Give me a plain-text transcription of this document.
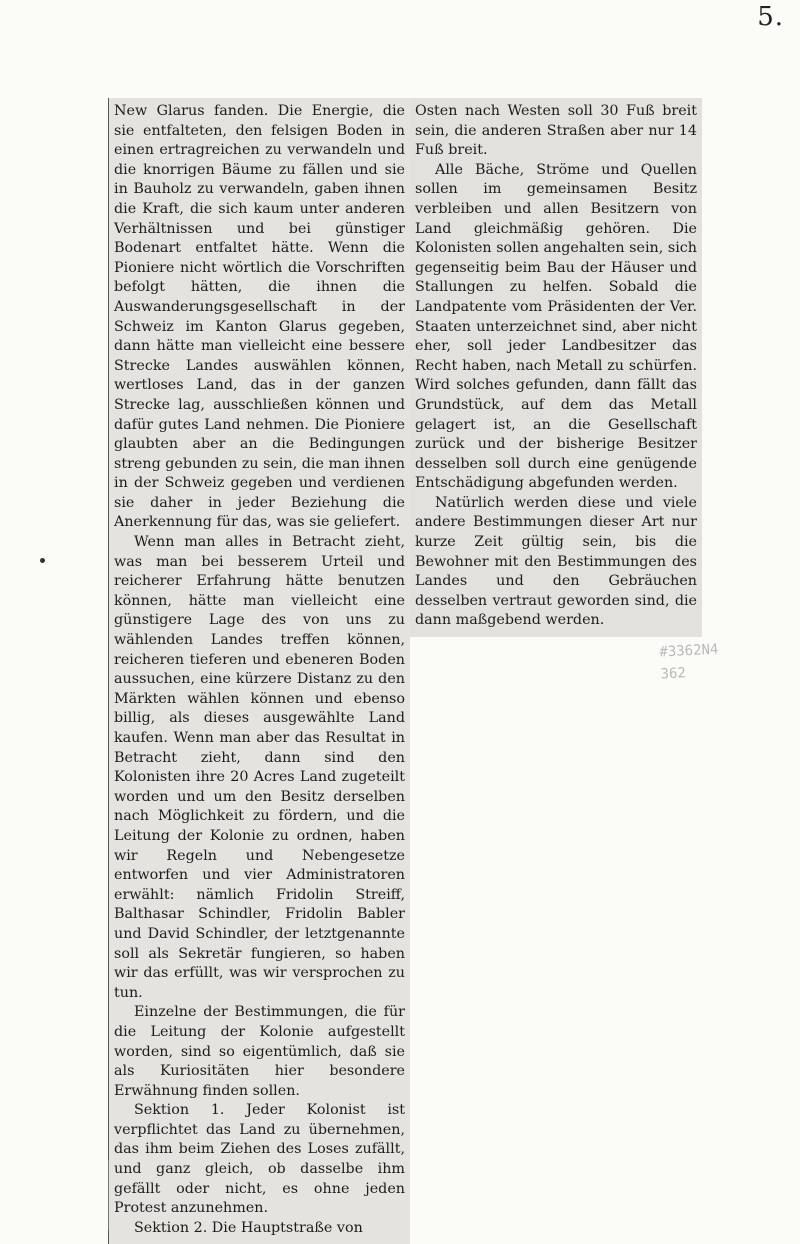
5.

New Glarus fanden. Die Energie, die sie entfalteten, den felsigen Boden in einen ertragreichen zu verwandeln und die knorrigen Bäume zu fällen und sie in Bauholz zu verwandeln, gaben ihnen die Kraft, die sich kaum unter anderen Verhältnissen und bei günstiger Bodenart entfaltet hätte. Wenn die Pioniere nicht wörtlich die Vorschriften befolgt hätten, die ihnen die Auswanderungsgesellschaft in der Schweiz im Kanton Glarus gegeben, dann hätte man vielleicht eine bessere Strecke Landes auswählen können, wertloses Land, das in der ganzen Strecke lag, ausschließen können und dafür gutes Land nehmen. Die Pioniere glaubten aber an die Bedingungen streng gebunden zu sein, die man ihnen in der Schweiz gegeben und verdienen sie daher in jeder Beziehung die Anerkennung für das, was sie geliefert.

Wenn man alles in Betracht zieht, was man bei besserem Urteil und reicherer Erfahrung hätte benutzen können, hätte man vielleicht eine günstigere Lage des von uns zu wählenden Landes treffen können, reicheren tieferen und ebeneren Boden aussuchen, eine kürzere Distanz zu den Märkten wählen können und ebenso billig, als dieses ausgewählte Land kaufen. Wenn man aber das Resultat in Betracht zieht, dann sind den Kolonisten ihre 20 Acres Land zugeteilt worden und um den Besitz derselben nach Möglichkeit zu fördern, und die Leitung der Kolonie zu ordnen, haben wir Regeln und Nebengesetze entworfen und vier Administratoren erwählt: nämlich Fridolin Streiff, Balthasar Schindler, Fridolin Babler und David Schindler, der letztgenannte soll als Sekretär fungieren, so haben wir das erfüllt, was wir versprochen zu tun.

Einzelne der Bestimmungen, die für die Leitung der Kolonie aufgestellt worden, sind so eigentümlich, daß sie als Kuriositäten hier besondere Erwähnung finden sollen.

Sektion 1. Jeder Kolonist ist verpflichtet das Land zu übernehmen, das ihm beim Ziehen des Loses zufällt, und ganz gleich, ob dasselbe ihm gefällt oder nicht, es ohne jeden Protest anzunehmen.

Sektion 2. Die Hauptstraße von

Osten nach Westen soll 30 Fuß breit sein, die anderen Straßen aber nur 14 Fuß breit.

Alle Bäche, Ströme und Quellen sollen im gemeinsamen Besitz verbleiben und allen Besitzern von Land gleichmäßig gehören. Die Kolonisten sollen angehalten sein, sich gegenseitig beim Bau der Häuser und Stallungen zu helfen. Sobald die Landpatente vom Präsidenten der Ver. Staaten unterzeichnet sind, aber nicht eher, soll jeder Landbesitzer das Recht haben, nach Metall zu schürfen. Wird solches gefunden, dann fällt das Grundstück, auf dem das Metall gelagert ist, an die Gesellschaft zurück und der bisherige Besitzer desselben soll durch eine genügende Entschädigung abgefunden werden.

Natürlich werden diese und viele andere Bestimmungen dieser Art nur kurze Zeit gültig sein, bis die Bewohner mit den Bestimmungen des Landes und den Gebräuchen desselben vertraut geworden sind, die dann maßgebend werden.

#3362N4
362
